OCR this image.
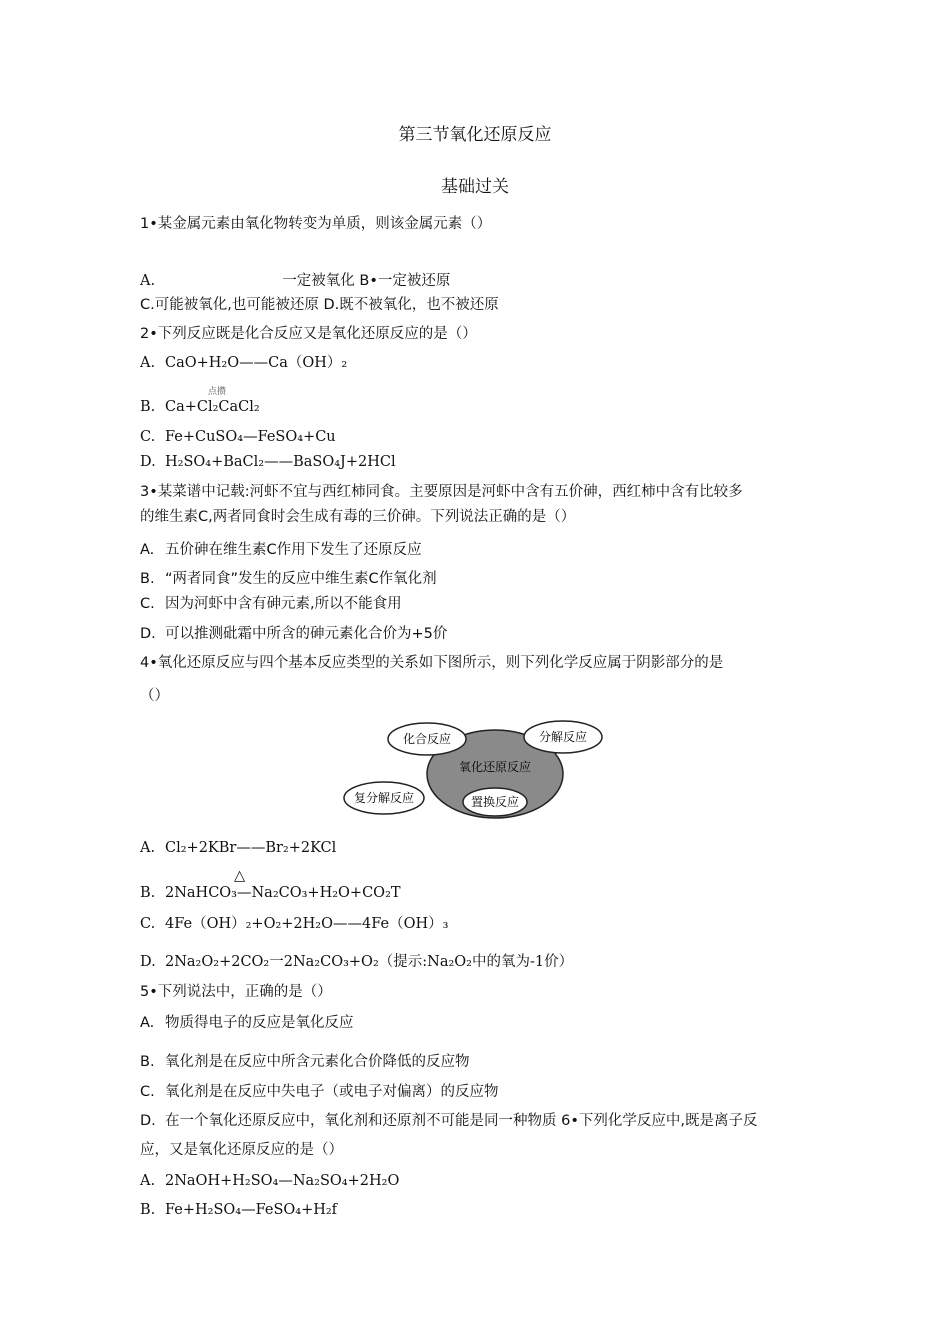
第三节氧化还原反应
基础过关
1•某金属元素由氧化物转变为单质，则该金属元素（）
A.	一定被氧化 B•一定被还原
C.可能被氧化,也可能被还原 D.既不被氧化，也不被还原
2•下列反应既是化合反应又是氧化还原反应的是（）
A. CaO+H₂O——Ca（OH）₂
点攒
B. Ca+Cl₂CaCl₂
C. Fe+CuSO₄—FeSO₄+Cu
D. H₂SO₄+BaCl₂——BaSO₄J+2HCl
3•某菜谱中记载:河虾不宜与西红柿同食。主要原因是河虾中含有五价砷，西红柿中含有比较多
的维生素C,两者同食时会生成有毒的三价砷。下列说法正确的是（）
A. 五价砷在维生素C作用下发生了还原反应
B. “两者同食”发生的反应中维生素C作氧化剂
C. 因为河虾中含有砷元素,所以不能食用
D. 可以推测砒霜中所含的砷元素化合价为+5价
4•氧化还原反应与四个基本反应类型的关系如下图所示，则下列化学反应属于阴影部分的是
（）
氧化还原反应
化合反应	分解反应
复分解反应	置换反应
A. Cl₂+2KBr——Br₂+2KCl
△
B. 2NaHCO₃—Na₂CO₃+H₂O+CO₂T
C. 4Fe（OH）₂+O₂+2H₂O——4Fe（OH）₃
D. 2Na₂O₂+2CO₂一2Na₂CO₃+O₂（提示:Na₂O₂中的氧为-1价）
5•下列说法中，正确的是（）
A. 物质得电子的反应是氧化反应
B. 氧化剂是在反应中所含元素化合价降低的反应物
C. 氧化剂是在反应中失电子（或电子对偏离）的反应物
D. 在一个氧化还原反应中，氧化剂和还原剂不可能是同一种物质 6•下列化学反应中,既是离子反
应，又是氧化还原反应的是（）
A. 2NaOH+H₂SO₄—Na₂SO₄+2H₂O
B. Fe+H₂SO₄—FeSO₄+H₂f
